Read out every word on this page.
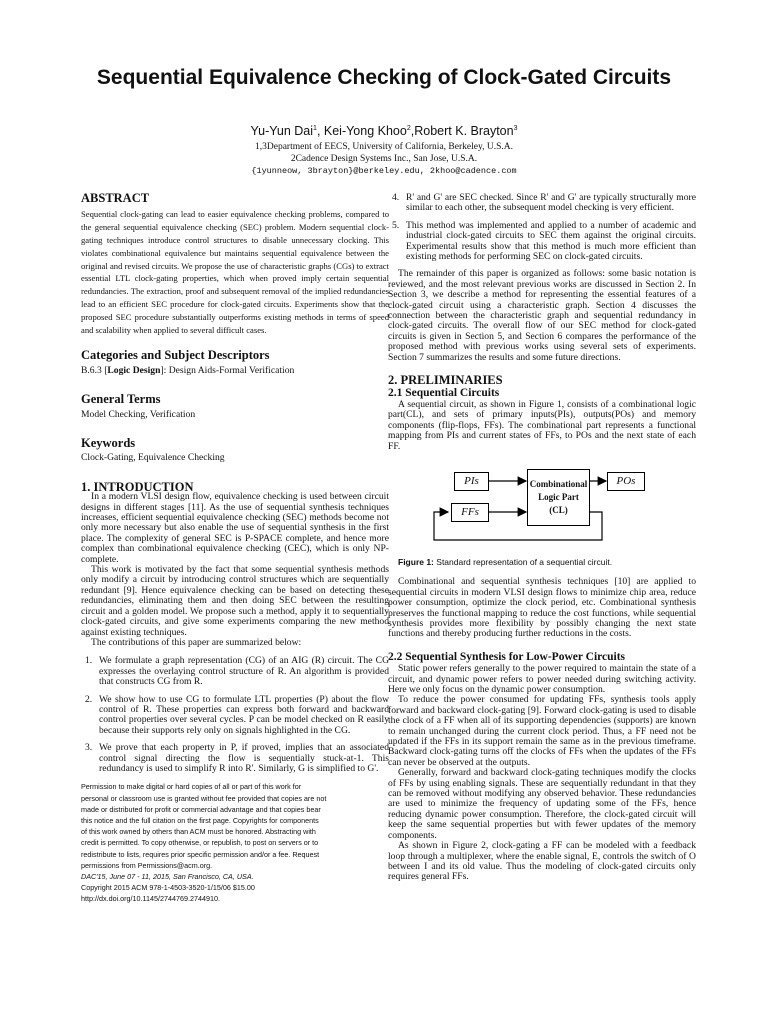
Sequential Equivalence Checking of Clock-Gated Circuits
Yu-Yun Dai$^1$, Kei-Yong Khoo$^2$,Robert K. Brayton$^3$
1,3Department of EECS, University of California, Berkeley, U.S.A.
2Cadence Design Systems Inc., San Jose, U.S.A.
{1yunneow, 3brayton}@berkeley.edu, 2khoo@cadence.com
ABSTRACT

Sequential clock-gating can lead to easier equivalence checking problems, compared to the general sequential equivalence checking (SEC) problem. Modern sequential clock-gating techniques introduce control structures to disable unnecessary clocking. This violates combinational equivalence but maintains sequential equivalence between the original and revised circuits. We propose the use of characteristic graphs (CGs) to extract essential LTL clock-gating properties, which when proved imply certain sequential redundancies. The extraction, proof and subsequent removal of the implied redundancies lead to an efficient SEC procedure for clock-gated circuits. Experiments show that the proposed SEC procedure substantially outperforms existing methods in terms of speed and scalability when applied to several difficult cases.

Categories and Subject Descriptors

B.6.3 [Logic Design]: Design Aids-Formal Verification

General Terms

Model Checking, Verification

Keywords

Clock-Gating, Equivalence Checking

1. INTRODUCTION

In a modern VLSI design flow, equivalence checking is used between circuit designs in different stages [11]. As the use of sequential synthesis techniques increases, efficient sequential equivalence checking (SEC) methods become not only more necessary but also enable the use of sequential synthesis in the first place. The complexity of general SEC is P-SPACE complete, and hence more complex than combinational equivalence checking (CEC), which is only NP-complete.

This work is motivated by the fact that some sequential synthesis methods only modify a circuit by introducing control structures which are sequentially redundant [9]. Hence equivalence checking can be based on detecting these redundancies, eliminating them and then doing SEC between the resulting circuit and a golden model. We propose such a method, apply it to sequentially clock-gated circuits, and give some experiments comparing the new method against existing techniques.

The contributions of this paper are summarized below:

1. We formulate a graph representation (CG) of an AIG (R) circuit. The CG expresses the overlaying control structure of R. An algorithm is provided that constructs CG from R.
2. We show how to use CG to formulate LTL properties (P) about the flow control of R. These properties can express both forward and backward control properties over several cycles. P can be model checked on R easily because their supports rely only on signals highlighted in the CG.
3. We prove that each property in P, if proved, implies that an associated control signal directing the flow is sequentially stuck-at-1. This redundancy is used to simplify R into R'. Similarly, G is simplified to G'.

Permission to make digital or hard copies of all or part of this work for

personal or classroom use is granted without fee provided that copies are not

made or distributed for profit or commercial advantage and that copies bear

this notice and the full citation on the first page. Copyrights for components

of this work owned by others than ACM must be honored. Abstracting with

credit is permitted. To copy otherwise, or republish, to post on servers or to

redistribute to lists, requires prior specific permission and/or a fee. Request

permissions from Permissions@acm.org.

DAC'15, June 07 - 11, 2015, San Francisco, CA, USA.

Copyright 2015 ACM 978-1-4503-3520-1/15/06 $15.00

http://dx.doi.org/10.1145/2744769.2744910.

4. R' and G' are SEC checked. Since R' and G' are typically structurally more similar to each other, the subsequent model checking is very efficient.
5. This method was implemented and applied to a number of academic and industrial clock-gated circuits to SEC them against the original circuits. Experimental results show that this method is much more efficient than existing methods for performing SEC on clock-gated circuits.

The remainder of this paper is organized as follows: some basic notation is reviewed, and the most relevant previous works are discussed in Section 2. In Section 3, we describe a method for representing the essential features of a clock-gated circuit using a characteristic graph. Section 4 discusses the connection between the characteristic graph and sequential redundancy in clock-gated circuits. The overall flow of our SEC method for clock-gated circuits is given in Section 5, and Section 6 compares the performance of the proposed method with previous works using several sets of experiments. Section 7 summarizes the results and some future directions.

2. PRELIMINARIES
2.1 Sequential Circuits

A sequential circuit, as shown in Figure 1, consists of a combinational logic part(CL), and sets of primary inputs(PIs), outputs(POs) and memory components (flip-flops, FFs). The combinational part represents a functional mapping from PIs and current states of FFs, to POs and the next state of each FF.

PIs
FFs
POs
Combinational
Logic Part (CL)

Figure 1: Standard representation of a sequential circuit.

Combinational and sequential synthesis techniques [10] are applied to sequential circuits in modern VLSI design flows to minimize chip area, reduce power consumption, optimize the clock period, etc. Combinational synthesis preserves the functional mapping to reduce the cost functions, while sequential synthesis provides more flexibility by possibly changing the next state functions and thereby producing further reductions in the costs.

2.2 Sequential Synthesis for Low-Power Circuits

Static power refers generally to the power required to maintain the state of a circuit, and dynamic power refers to power needed during switching activity. Here we only focus on the dynamic power consumption.

To reduce the power consumed for updating FFs, synthesis tools apply forward and backward clock-gating [9]. Forward clock-gating is used to disable the clock of a FF when all of its supporting dependencies (supports) are known to remain unchanged during the current clock period. Thus, a FF need not be updated if the FFs in its support remain the same as in the previous timeframe. Backward clock-gating turns off the clocks of FFs when the updates of the FFs can never be observed at the outputs.

Generally, forward and backward clock-gating techniques modify the clocks of FFs by using enabling signals. These are sequentially redundant in that they can be removed without modifying any observed behavior. These redundancies are used to minimize the frequency of updating some of the FFs, hence reducing dynamic power consumption. Therefore, the clock-gated circuit will keep the same sequential properties but with fewer updates of the memory components.

As shown in Figure 2, clock-gating a FF can be modeled with a feedback loop through a multiplexer, where the enable signal, E, controls the switch of O between I and its old value. Thus the modeling of clock-gated circuits only requires general FFs.
